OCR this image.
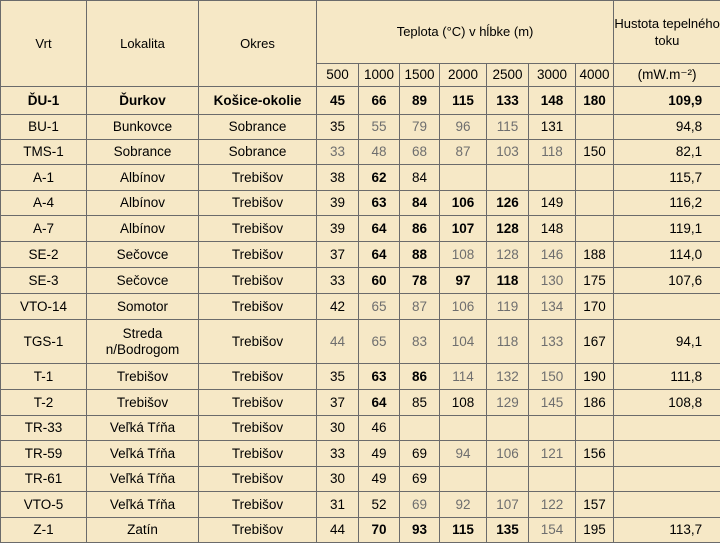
Vrt	Lokalita	Okres	Teplota (°C) v hĺbke (m)							Hustota tepelného toku
			500	1000	1500	2000	2500	3000	4000	(mW.m⁻²)
ĎU-1	Ďurkov	Košice-okolie	45	66	89	115	133	148	180	109,9
BU-1	Bunkovce	Sobrance	35	55	79	96	115	131		94,8
TMS-1	Sobrance	Sobrance	33	48	68	87	103	118	150	82,1
A-1	Albínov	Trebišov	38	62	84					115,7
A-4	Albínov	Trebišov	39	63	84	106	126	149		116,2
A-7	Albínov	Trebišov	39	64	86	107	128	148		119,1
SE-2	Sečovce	Trebišov	37	64	88	108	128	146	188	114,0
SE-3	Sečovce	Trebišov	33	60	78	97	118	130	175	107,6
VTO-14	Somotor	Trebišov	42	65	87	106	119	134	170	
TGS-1	Streda n/Bodrogom	Trebišov	44	65	83	104	118	133	167	94,1
T-1	Trebišov	Trebišov	35	63	86	114	132	150	190	111,8
T-2	Trebišov	Trebišov	37	64	85	108	129	145	186	108,8
TR-33	Veľká Tŕňa	Trebišov	30	46						
TR-59	Veľká Tŕňa	Trebišov	33	49	69	94	106	121	156	
TR-61	Veľká Tŕňa	Trebišov	30	49	69					
VTO-5	Veľká Tŕňa	Trebišov	31	52	69	92	107	122	157	
Z-1	Zatín	Trebišov	44	70	93	115	135	154	195	113,7
